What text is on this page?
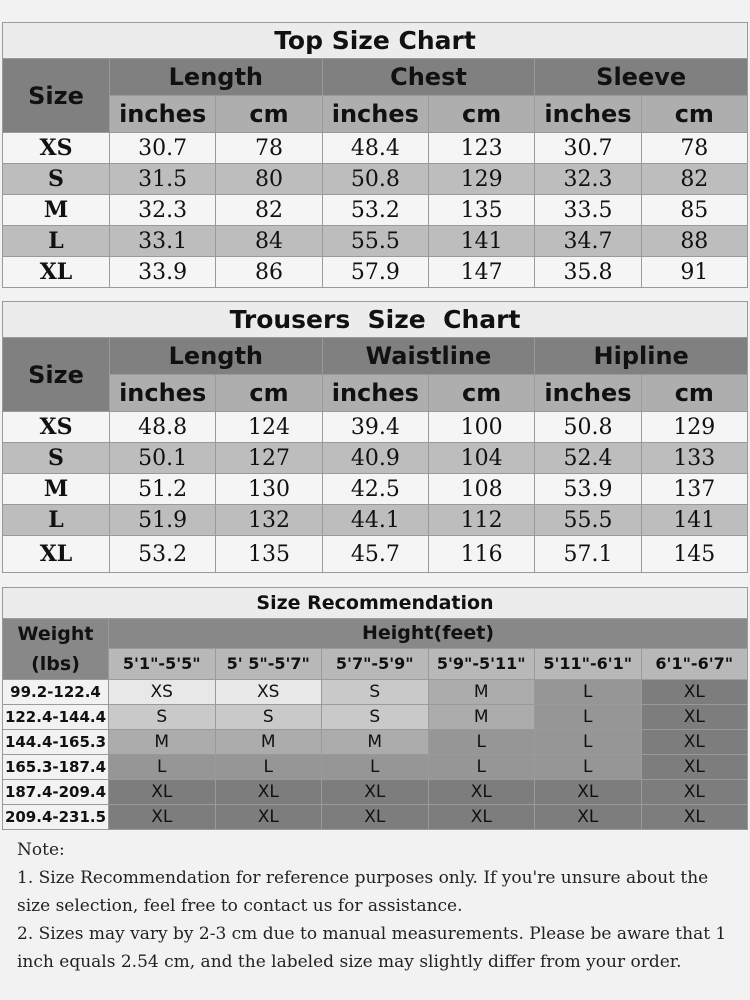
Top Size Chart						
Size	Length		Chest		Sleeve	
	inches	cm	inches	cm	inches	cm
XS	30.7	78	48.4	123	30.7	78
S	31.5	80	50.8	129	32.3	82
M	32.3	82	53.2	135	33.5	85
L	33.1	84	55.5	141	34.7	88
XL	33.9	86	57.9	147	35.8	91
Trousers  Size  Chart						
Size	Length		Waistline		Hipline	
	inches	cm	inches	cm	inches	cm
XS	48.8	124	39.4	100	50.8	129
S	50.1	127	40.9	104	52.4	133
M	51.2	130	42.5	108	53.9	137
L	51.9	132	44.1	112	55.5	141
XL	53.2	135	45.7	116	57.1	145
Size Recommendation						

Weight
(lbs)	Height(feet)					
	5'1"-5'5"	5' 5"-5'7"	5'7"-5'9"	5'9"-5'11"	5'11"-6'1"	6'1"-6'7"
99.2-122.4	XS	XS	S	M	L	XL
122.4-144.4	S	S	S	M	L	XL
144.4-165.3	M	M	M	L	L	XL
165.3-187.4	L	L	L	L	L	XL
187.4-209.4	XL	XL	XL	XL	XL	XL
209.4-231.5	XL	XL	XL	XL	XL	XL

Note:

1. Size Recommendation for reference purposes only. If you're unsure about the size selection, feel free to contact us for assistance.

2. Sizes may vary by 2-3 cm due to manual measurements. Please be aware that 1 inch equals 2.54 cm, and the labeled size may slightly differ from your order.
